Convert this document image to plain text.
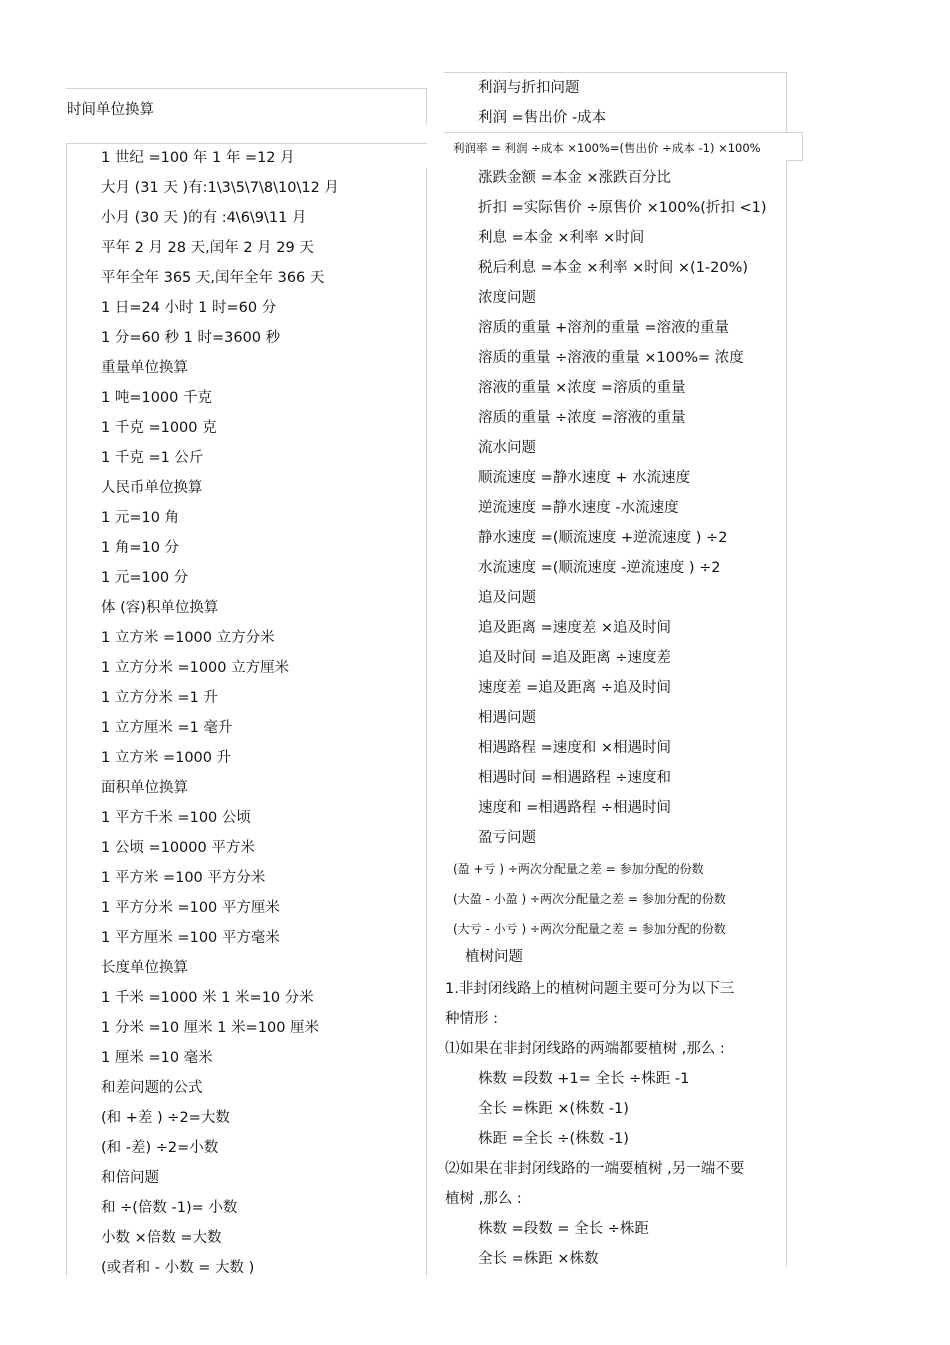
时间单位换算
1 世纪 =100 年 1 年 =12 月
大月 (31 天 )有:1\3\5\7\8\10\12 月
小月 (30 天 )的有 :4\6\9\11 月
平年 2 月 28 天,闰年 2 月 29 天
平年全年 365 天,闰年全年 366 天
1 日=24 小时 1 时=60 分
1 分=60 秒 1 时=3600 秒
重量单位换算
1 吨=1000 千克
1 千克 =1000 克
1 千克 =1 公斤
人民币单位换算
1 元=10 角
1 角=10 分
1 元=100 分
体 (容)积单位换算
1 立方米 =1000 立方分米
1 立方分米 =1000 立方厘米
1 立方分米 =1 升
1 立方厘米 =1 毫升
1 立方米 =1000 升
面积单位换算
1 平方千米 =100 公顷
1 公顷 =10000 平方米
1 平方米 =100 平方分米
1 平方分米 =100 平方厘米
1 平方厘米 =100 平方毫米
长度单位换算
1 千米 =1000 米 1 米=10 分米
1 分米 =10 厘米 1 米=100 厘米
1 厘米 =10 毫米
和差问题的公式
(和 +差 ) ÷2=大数
(和 -差) ÷2=小数
和倍问题
和 ÷(倍数 -1)= 小数
小数 ×倍数 =大数
(或者和 - 小数 = 大数 )
利润与折扣问题
利润 =售出价 -成本
利润率 = 利润 ÷成本 ×100%=(售出价 ÷成本 -1) ×100%
涨跌金额 =本金 ×涨跌百分比
折扣 =实际售价 ÷原售价 ×100%(折扣 <1)
利息 =本金 ×利率 ×时间
税后利息 =本金 ×利率 ×时间 ×(1-20%)
浓度问题
溶质的重量 +溶剂的重量 =溶液的重量
溶质的重量 ÷溶液的重量 ×100%= 浓度
溶液的重量 ×浓度 =溶质的重量
溶质的重量 ÷浓度 =溶液的重量
流水问题
顺流速度 =静水速度 + 水流速度
逆流速度 =静水速度 -水流速度
静水速度 =(顺流速度 +逆流速度 ) ÷2
水流速度 =(顺流速度 -逆流速度 ) ÷2
追及问题
追及距离 =速度差 ×追及时间
追及时间 =追及距离 ÷速度差
速度差 =追及距离 ÷追及时间
相遇问题
相遇路程 =速度和 ×相遇时间
相遇时间 =相遇路程 ÷速度和
速度和 =相遇路程 ÷相遇时间
盈亏问题
(盈 +亏 ) ÷两次分配量之差 = 参加分配的份数
(大盈 - 小盈 ) ÷两次分配量之差 = 参加分配的份数
(大亏 - 小亏 ) ÷两次分配量之差 = 参加分配的份数
植树问题
1.非封闭线路上的植树问题主要可分为以下三
种情形 :
⑴如果在非封闭线路的两端都要植树 ,那么 :
株数 =段数 +1= 全长 ÷株距 -1
全长 =株距 ×(株数 -1)
株距 =全长 ÷(株数 -1)
⑵如果在非封闭线路的一端要植树 ,另一端不要
植树 ,那么 :
株数 =段数 = 全长 ÷株距
全长 =株距 ×株数
